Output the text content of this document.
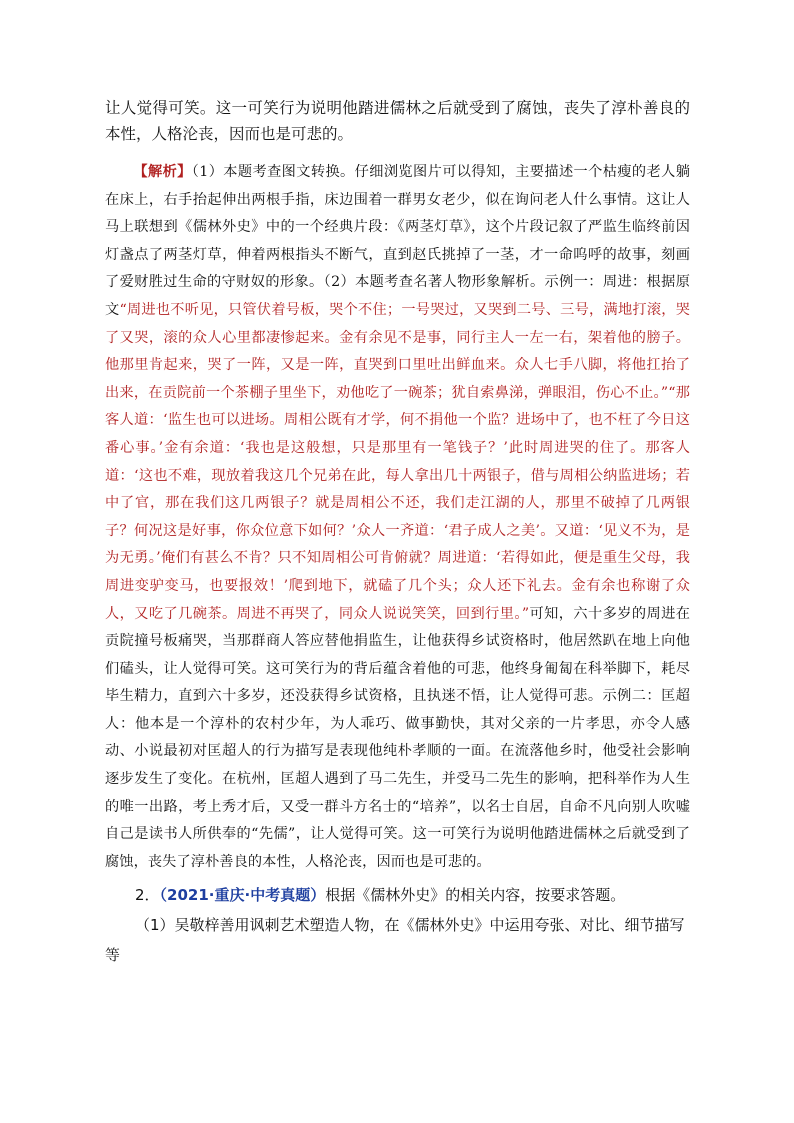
让人觉得可笑。这一可笑行为说明他踏进儒林之后就受到了腐蚀，丧失了淳朴善良的本性，人格沦丧，因而也是可悲的。

【解析】（1）本题考查图文转换。仔细浏览图片可以得知，主要描述一个枯瘦的老人躺在床上，右手抬起伸出两根手指，床边围着一群男女老少，似在询问老人什么事情。这让人马上联想到《儒林外史》中的一个经典片段：《两茎灯草》，这个片段记叙了严监生临终前因灯盏点了两茎灯草，伸着两根指头不断气，直到赵氏挑掉了一茎，才一命呜呼的故事，刻画了爱财胜过生命的守财奴的形象。（2）本题考查名著人物形象解析。示例一：周进：根据原文“周进也不听见，只管伏着号板，哭个不住；一号哭过，又哭到二号、三号，满地打滚，哭了又哭，滚的众人心里都凄惨起来。金有余见不是事，同行主人一左一右，架着他的膀子。他那里肯起来，哭了一阵，又是一阵，直哭到口里吐出鲜血来。众人七手八脚，将他扛抬了出来，在贡院前一个茶棚子里坐下，劝他吃了一碗茶；犹自索鼻涕，弹眼泪，伤心不止。”“那客人道：‘监生也可以进场。周相公既有才学，何不捐他一个监？进场中了，也不枉了今日这番心事。’金有余道：‘我也是这般想，只是那里有一笔钱子？’此时周进哭的住了。那客人道：‘这也不难，现放着我这几个兄弟在此，每人拿出几十两银子，借与周相公纳监进场；若中了官，那在我们这几两银子？就是周相公不还，我们走江湖的人，那里不破掉了几两银子？何况这是好事，你众位意下如何？’众人一齐道：‘君子成人之美’。又道：‘见义不为，是为无勇。’俺们有甚么不肯？只不知周相公可肯俯就？周进道：‘若得如此，便是重生父母，我周进变驴变马，也要报效！’爬到地下，就磕了几个头；众人还下礼去。金有余也称谢了众人，又吃了几碗茶。周进不再哭了，同众人说说笑笑，回到行里。”可知，六十多岁的周进在贡院撞号板痛哭，当那群商人答应替他捐监生，让他获得乡试资格时，他居然趴在地上向他们磕头，让人觉得可笑。这可笑行为的背后蕴含着他的可悲，他终身匍匐在科举脚下，耗尽毕生精力，直到六十多岁，还没获得乡试资格，且执迷不悟，让人觉得可悲。示例二：匡超人：他本是一个淳朴的农村少年，为人乖巧、做事勤快，其对父亲的一片孝思，亦令人感动、小说最初对匡超人的行为描写是表现他纯朴孝顺的一面。在流落他乡时，他受社会影响逐步发生了变化。在杭州，匡超人遇到了马二先生，并受马二先生的影响，把科举作为人生的唯一出路，考上秀才后，又受一群斗方名士的“培养”，以名士自居，自命不凡向别人吹嘘自己是读书人所供奉的“先儒”，让人觉得可笑。这一可笑行为说明他踏进儒林之后就受到了腐蚀，丧失了淳朴善良的本性，人格沦丧，因而也是可悲的。

2．（2021·重庆·中考真题）根据《儒林外史》的相关内容，按要求答题。

（1）吴敬梓善用讽刺艺术塑造人物，在《儒林外史》中运用夸张、对比、细节描写等
